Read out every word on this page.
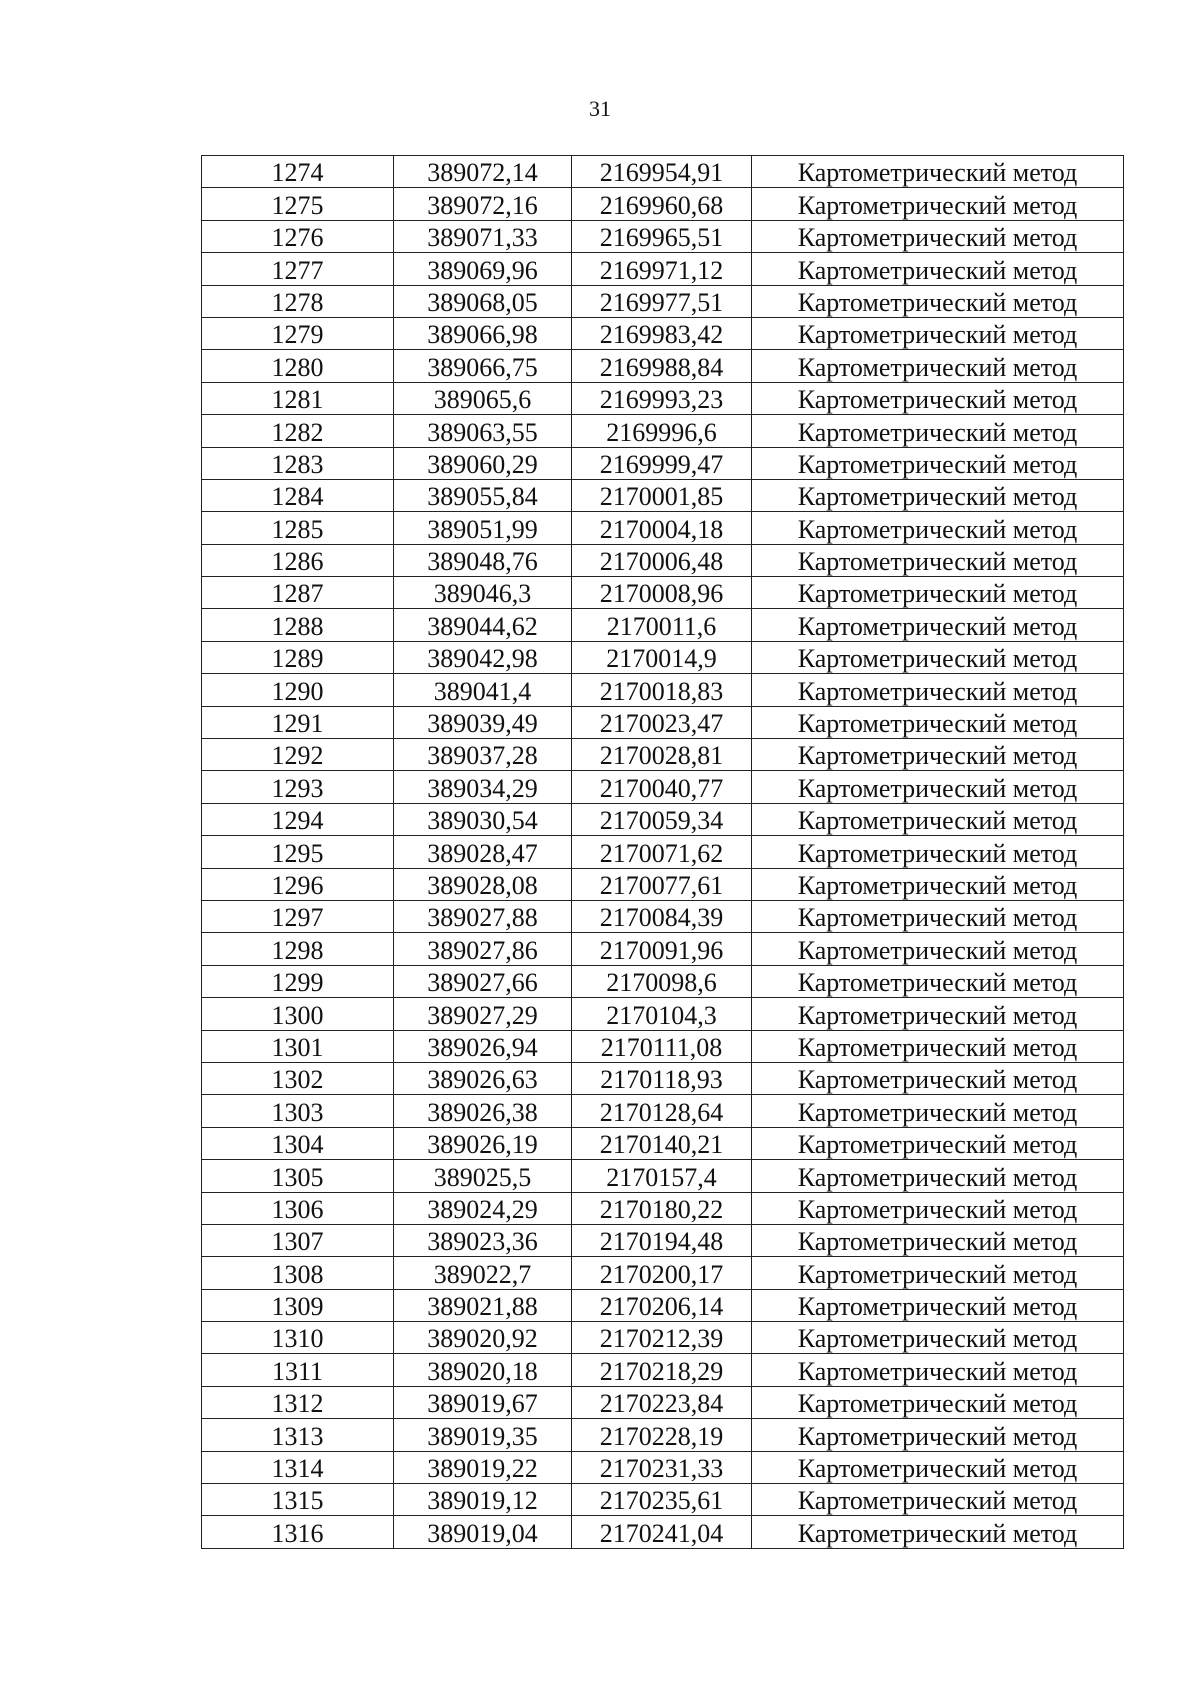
31
1274	389072,14	2169954,91	Картометрический метод
1275	389072,16	2169960,68	Картометрический метод
1276	389071,33	2169965,51	Картометрический метод
1277	389069,96	2169971,12	Картометрический метод
1278	389068,05	2169977,51	Картометрический метод
1279	389066,98	2169983,42	Картометрический метод
1280	389066,75	2169988,84	Картометрический метод
1281	389065,6	2169993,23	Картометрический метод
1282	389063,55	2169996,6	Картометрический метод
1283	389060,29	2169999,47	Картометрический метод
1284	389055,84	2170001,85	Картометрический метод
1285	389051,99	2170004,18	Картометрический метод
1286	389048,76	2170006,48	Картометрический метод
1287	389046,3	2170008,96	Картометрический метод
1288	389044,62	2170011,6	Картометрический метод
1289	389042,98	2170014,9	Картометрический метод
1290	389041,4	2170018,83	Картометрический метод
1291	389039,49	2170023,47	Картометрический метод
1292	389037,28	2170028,81	Картометрический метод
1293	389034,29	2170040,77	Картометрический метод
1294	389030,54	2170059,34	Картометрический метод
1295	389028,47	2170071,62	Картометрический метод
1296	389028,08	2170077,61	Картометрический метод
1297	389027,88	2170084,39	Картометрический метод
1298	389027,86	2170091,96	Картометрический метод
1299	389027,66	2170098,6	Картометрический метод
1300	389027,29	2170104,3	Картометрический метод
1301	389026,94	2170111,08	Картометрический метод
1302	389026,63	2170118,93	Картометрический метод
1303	389026,38	2170128,64	Картометрический метод
1304	389026,19	2170140,21	Картометрический метод
1305	389025,5	2170157,4	Картометрический метод
1306	389024,29	2170180,22	Картометрический метод
1307	389023,36	2170194,48	Картометрический метод
1308	389022,7	2170200,17	Картометрический метод
1309	389021,88	2170206,14	Картометрический метод
1310	389020,92	2170212,39	Картометрический метод
1311	389020,18	2170218,29	Картометрический метод
1312	389019,67	2170223,84	Картометрический метод
1313	389019,35	2170228,19	Картометрический метод
1314	389019,22	2170231,33	Картометрический метод
1315	389019,12	2170235,61	Картометрический метод
1316	389019,04	2170241,04	Картометрический метод
